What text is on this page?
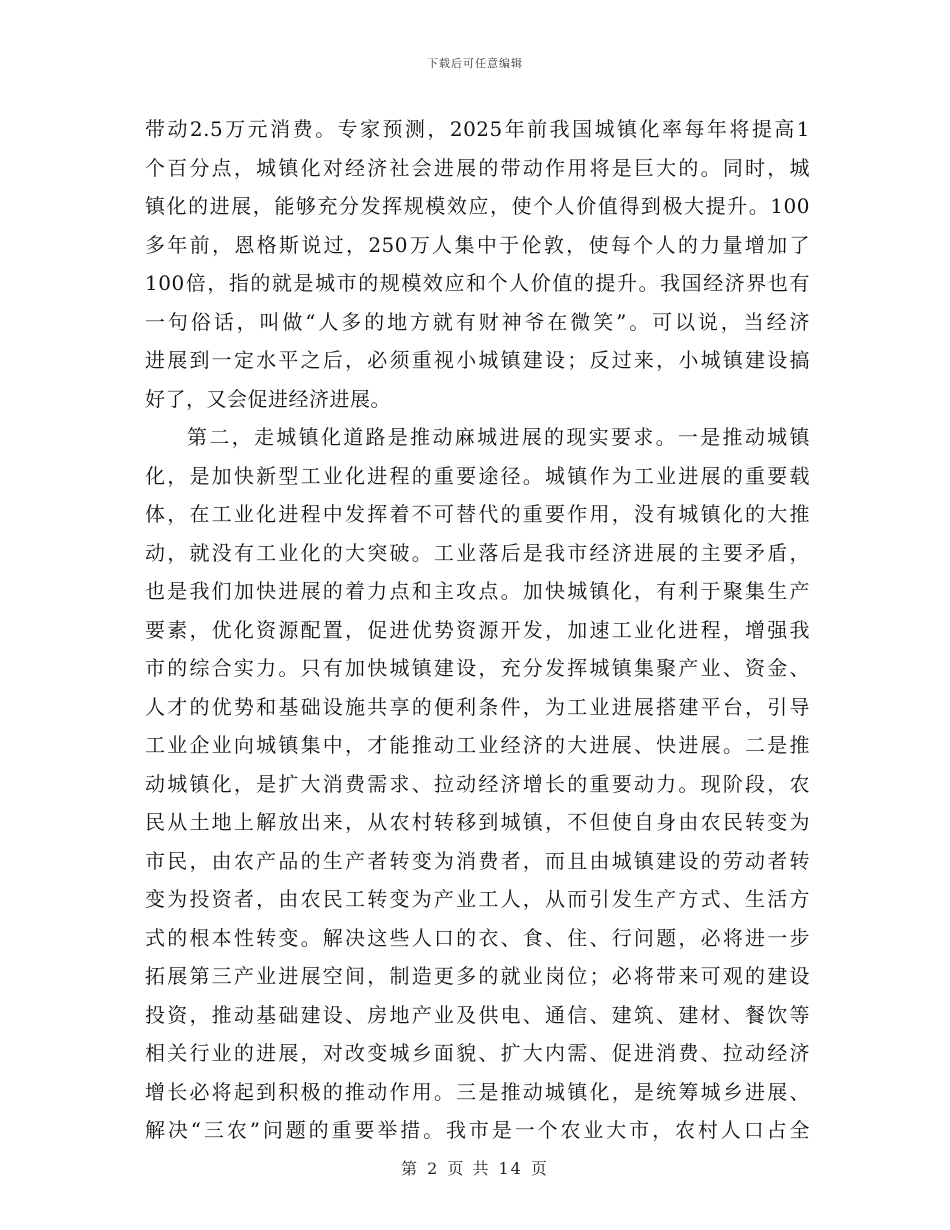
下载后可任意编辑
带动2.5万元消费。专家预测，2025年前我国城镇化率每年将提高1
个百分点，城镇化对经济社会进展的带动作用将是巨大的。同时，城
镇化的进展，能够充分发挥规模效应，使个人价值得到极大提升。100
多年前，恩格斯说过，250万人集中于伦敦，使每个人的力量增加了
100倍，指的就是城市的规模效应和个人价值的提升。我国经济界也有
一句俗话，叫做“人多的地方就有财神爷在微笑”。可以说，当经济
进展到一定水平之后，必须重视小城镇建设；反过来，小城镇建设搞
好了，又会促进经济进展。
第二，走城镇化道路是推动麻城进展的现实要求。一是推动城镇
化，是加快新型工业化进程的重要途径。城镇作为工业进展的重要载
体，在工业化进程中发挥着不可替代的重要作用，没有城镇化的大推
动，就没有工业化的大突破。工业落后是我市经济进展的主要矛盾，
也是我们加快进展的着力点和主攻点。加快城镇化，有利于聚集生产
要素，优化资源配置，促进优势资源开发，加速工业化进程，增强我
市的综合实力。只有加快城镇建设，充分发挥城镇集聚产业、资金、
人才的优势和基础设施共享的便利条件，为工业进展搭建平台，引导
工业企业向城镇集中，才能推动工业经济的大进展、快进展。二是推
动城镇化，是扩大消费需求、拉动经济增长的重要动力。现阶段，农
民从土地上解放出来，从农村转移到城镇，不但使自身由农民转变为
市民，由农产品的生产者转变为消费者，而且由城镇建设的劳动者转
变为投资者，由农民工转变为产业工人，从而引发生产方式、生活方
式的根本性转变。解决这些人口的衣、食、住、行问题，必将进一步
拓展第三产业进展空间，制造更多的就业岗位；必将带来可观的建设
投资，推动基础建设、房地产业及供电、通信、建筑、建材、餐饮等
相关行业的进展，对改变城乡面貌、扩大内需、促进消费、拉动经济
增长必将起到积极的推动作用。三是推动城镇化，是统筹城乡进展、
解决“三农”问题的重要举措。我市是一个农业大市，农村人口占全
第 2 页 共 14 页
